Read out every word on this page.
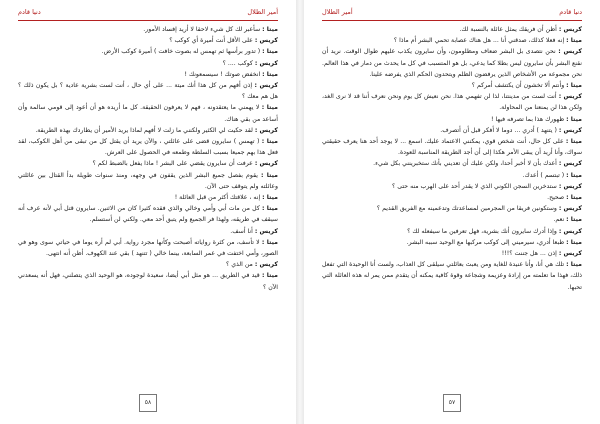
أمير الظلال
دنيا قادم

ميتا : سأعبر لك كل شيء لاحقا لا أريد إفساد الأمور.

كريس : على الأقل أنت أميرة أي كوكب ؟

ميتا : ( تدور برأسها ثم تهمس له بصوت خافت ) أميرة كوكب الأرض.

كريس : كوكب .... ؟

ميتا : انخفض صوتك ! سيسمعونك !

كريس : إذن أفهم من كل هذا أنك ميتة ... على أي حال ، أنت لست بشرية عادية ؟ بل يكون ذلك ؟ هل هم معك ؟

ميتا : لا يهمني ما يعتقدونه ، فهم لا يعرفون الحقيقة. كل ما أريده هو أن أعود إلى قومي سالمة وأن أساعد من بقي هناك.

كريس : لقد حكيت لي الكثير ولكنني ما زلت لا أفهم لماذا يريد الأمير أن يطاردك بهذه الطريقة.

ميتا : ( تهمس ) سايرون قضى على عائلتي ، والآن يريد أن يقتل كل من تبقى من أهل الكوكب، لقد فعل هذا بهم جميعا بسبب السلطة وطمعه في الحصول على العرش.

كريس : عرفت أن سايرون يقضي على البشر ! ماذا يفعل بالضبط لكم ؟

ميتا : يقوم بفصل جميع البشر الذين يقفون في وجهه، ومنذ سنوات طويلة بدأ القتال بين عائلتي وعائلته ولم يتوقف حتى الآن.

ميتا : إنه ، علاقتك أكثر من قبل العائلة !

ميتا : كل من مات أبي وأمي وخالي والذي فقده كثيرا كان من الاثنين. سايرون قتل أبي لأنه عرف أنه سيقف في طريقه، ولهذا فر الجميع ولم يتبق أحد معي. ولكني لن أستسلم.

كريس : أنا أسف.

ميتا : لا تأسف، من كثرة رواياته أصبحت وكأنها مجرد رواية. أبي لم أره يوما في حياتي سوى وهو في الصور، وأمي اختفت في عمر السابعة، بينما خالي ( تتنهد ) بقي عند الكهوف. أظن أنه انتهى.

كريس : من الذي ؟

ميتا : قيد في الطريق ... هو مثل أبي أيضا، سعيدة لوجوده، هو الوحيد الذي يتصلني، فهل أنه يسعدني الآن ؟

٥٨
دنيا قادم
أمير الظلال

كريس : أظن أن فريقك يمثل عائلة بالنسبة لك.

ميتا : إنه فعلا كذلك، صدقني أنا ... هل هناك عصابة تحمي البشر أم ماذا ؟

كريس : نحن نتصدى بل البشر ضعاف ومظلومون، وأن سايرون يكذب عليهم طوال الوقت. نريد أن نقنع البشر بأن سايرون ليس بطلا كما يدعي، بل هو المتسبب في كل ما يحدث من دمار في هذا العالم. نحن مجموعة من الأشخاص الذين يرفضون الظلم ويتحدون الحكم الذي يفرضه علينا.

ميتا : وأنتم ألا تخشون أن يكتشف أمركم ؟

كريس : أنت لست من مدينتنا، لذا لن تفهمي هذا. نحن نعيش كل يوم ونحن نعرف أننا قد لا نرى الغد، ولكن هذا لن يمنعنا من المحاولة.

ميتا : ظهورك هذا بما تصرفه فيها !

كريس : ( يتنهد ) أدري ... دوما لا أفكر قبل أن أتصرف.

ميتا : على كل حال، أنت شخص قوي، يمكنني الاعتماد عليك. اسمع ... لا يوجد أحد هنا يعرف حقيقتي سواك، وأنا أريد أن يبقى الأمر هكذا إلى أن أجد الطريقة المناسبة للعودة.

كريس : أعدك بأن لا أخبر أحدا، ولكن عليك أن تعديني بأنك ستخبرينني بكل شيء.

ميتا : ( تبتسم ) أعدك.

كريس : ستدخرين السجن الكوني الذي لا يقدر أحد على الهرب منه حتى ؟

ميتا : صحيح.

كريس : وستكونين فريقا من المجرمين لمساعدتك وتدعمينه مع الفريق القديم ؟

ميتا : نعم.

كريس : وإذا أدرك سايرون أنك بشرية، فهل تعرفين ما سيفعله لك ؟

ميتا : طبعا أدري، سيرميني إلى كوكب مركبها مع الوحيد سببه البشر.

كريس : إذن ... هل جننت ؟!!!

ميتا : تلك هي أنا، وأنا عنيدة للغاية ومن يعبث بعائلتي سيلقى كل العذاب، ولست أنا الوحيدة التي تفعل ذلك، فهذا ما تعلمته من إرادة وعزيمة وشجاعة وقوة كافية يمكنه أن يتقدم ممن يمر له هذه العائلة التي تحبها.

٥٧
